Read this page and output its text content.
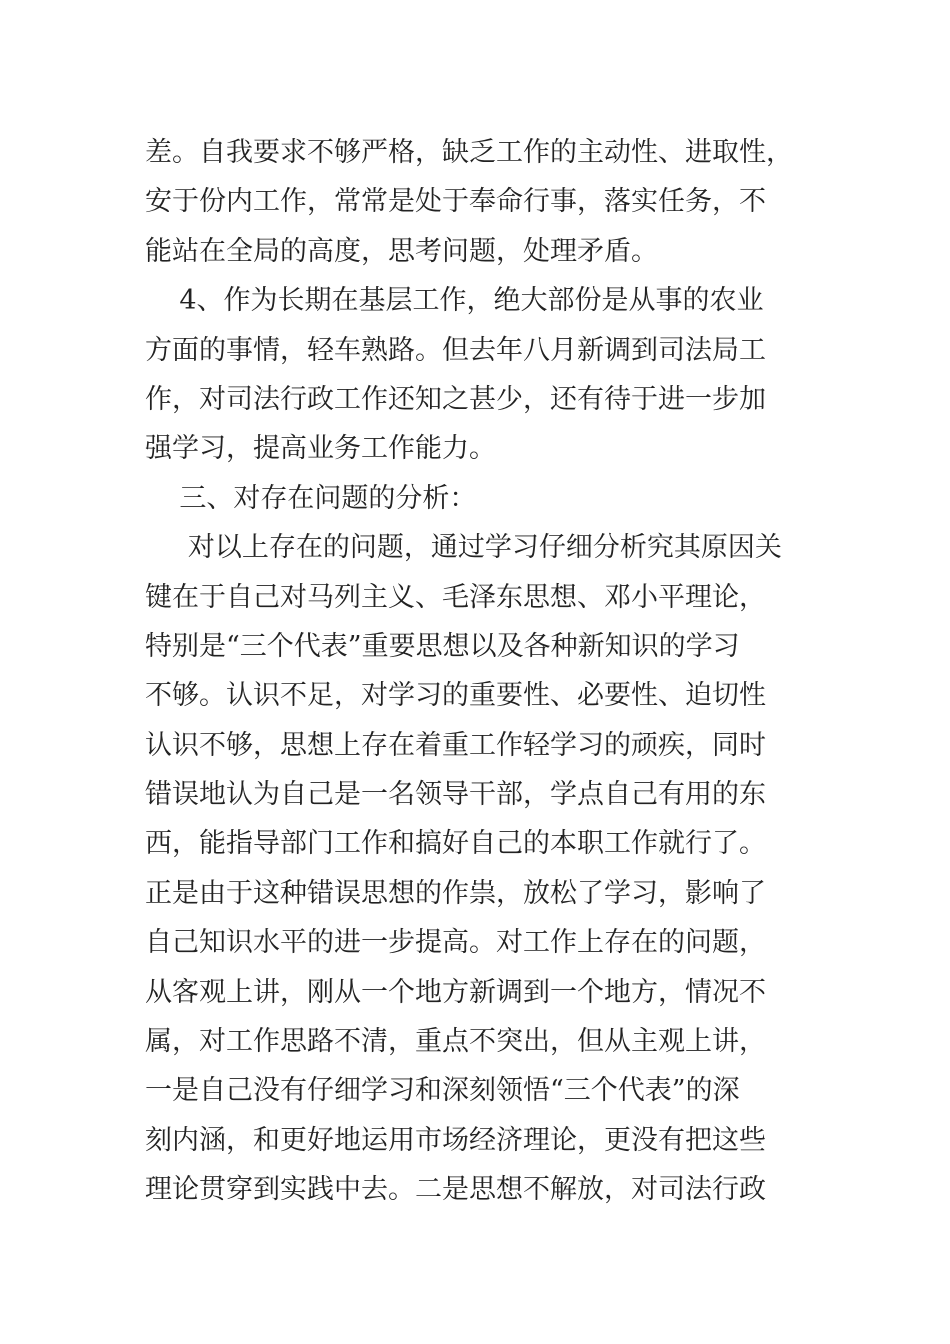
差。自我要求不够严格，缺乏工作的主动性、进取性，
安于份内工作，常常是处于奉命行事，落实任务，不
能站在全局的高度，思考问题，处理矛盾。
4、作为长期在基层工作，绝大部份是从事的农业
方面的事情，轻车熟路。但去年八月新调到司法局工
作，对司法行政工作还知之甚少，还有待于进一步加
强学习，提高业务工作能力。
三、对存在问题的分析：
对以上存在的问题，通过学习仔细分析究其原因关
键在于自己对马列主义、毛泽东思想、邓小平理论，
特别是“三个代表”重要思想以及各种新知识的学习
不够。认识不足，对学习的重要性、必要性、迫切性
认识不够，思想上存在着重工作轻学习的顽疾，同时
错误地认为自己是一名领导干部，学点自己有用的东
西，能指导部门工作和搞好自己的本职工作就行了。
正是由于这种错误思想的作祟，放松了学习，影响了
自己知识水平的进一步提高。对工作上存在的问题，
从客观上讲，刚从一个地方新调到一个地方，情况不
属，对工作思路不清，重点不突出，但从主观上讲，
一是自己没有仔细学习和深刻领悟“三个代表”的深
刻内涵，和更好地运用市场经济理论，更没有把这些
理论贯穿到实践中去。二是思想不解放，对司法行政
